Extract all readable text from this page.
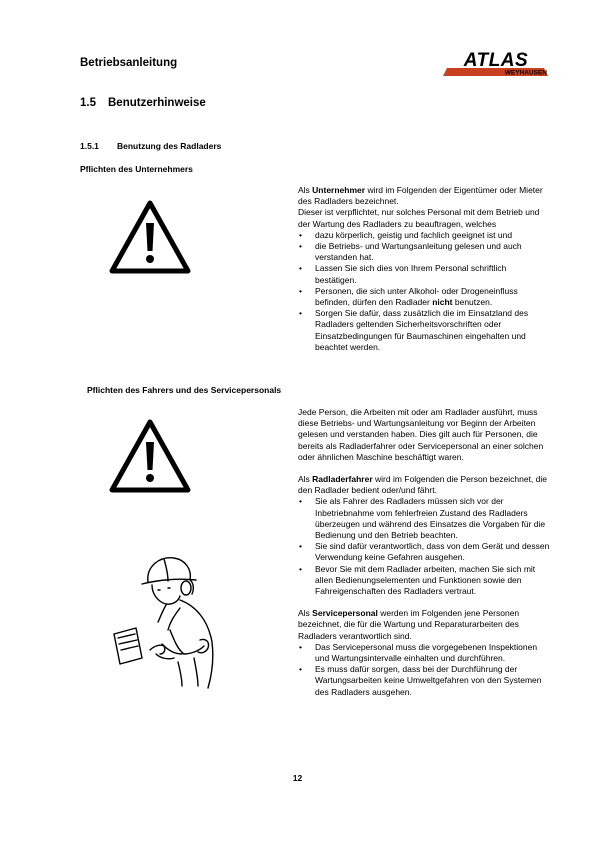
Betriebsanleitung	ATLAS
WEYHAUSEN
1.5 Benutzerhinweise
1.5.1 Benutzung des Radladers
Pflichten des Unternehmers

Als Unternehmer wird im Folgenden der Eigentümer oder Mieter des Radladers bezeichnet.

Dieser ist verpflichtet, nur solches Personal mit dem Betrieb und der Wartung des Radladers zu beauftragen, welches

• dazu körperlich, geistig und fachlich geeignet ist und
• die Betriebs- und Wartungsanleitung gelesen und auch verstanden hat.
• Lassen Sie sich dies von Ihrem Personal schriftlich bestätigen.
• Personen, die sich unter Alkohol- oder Drogeneinfluss befinden, dürfen den Radlader nicht benutzen.
• Sorgen Sie dafür, dass zusätzlich die im Einsatzland des Radladers geltenden Sicherheitsvorschriften oder Einsatzbedingungen für Baumaschinen eingehalten und beachtet werden.
Pflichten des Fahrers und des Servicepersonals

Jede Person, die Arbeiten mit oder am Radlader ausführt, muss diese Betriebs- und Wartungsanleitung vor Beginn der Arbeiten gelesen und verstanden haben. Dies gilt auch für Personen, die bereits als Radladerfahrer oder Servicepersonal an einer solchen oder ähnlichen Maschine beschäftigt waren.

Als Radladerfahrer wird im Folgenden die Person bezeichnet, die den Radlader bedient oder/und fährt.

• Sie als Fahrer des Radladers müssen sich vor der Inbetriebnahme vom fehlerfreien Zustand des Radladers überzeugen und während des Einsatzes die Vorgaben für die Bedienung und den Betrieb beachten.
• Sie sind dafür verantwortlich, dass von dem Gerät und dessen Verwendung keine Gefahren ausgehen.
• Bevor Sie mit dem Radlader arbeiten, machen Sie sich mit allen Bedienungselementen und Funktionen sowie den Fahreigenschaften des Radladers vertraut.

Als Servicepersonal werden im Folgenden jene Personen bezeichnet, die für die Wartung und Reparaturarbeiten des Radladers verantwortlich sind.

• Das Servicepersonal muss die vorgegebenen Inspektionen und Wartungsintervalle einhalten und durchführen.
• Es muss dafür sorgen, dass bei der Durchführung der Wartungsarbeiten keine Umweltgefahren von den Systemen des Radladers ausgehen.
12
